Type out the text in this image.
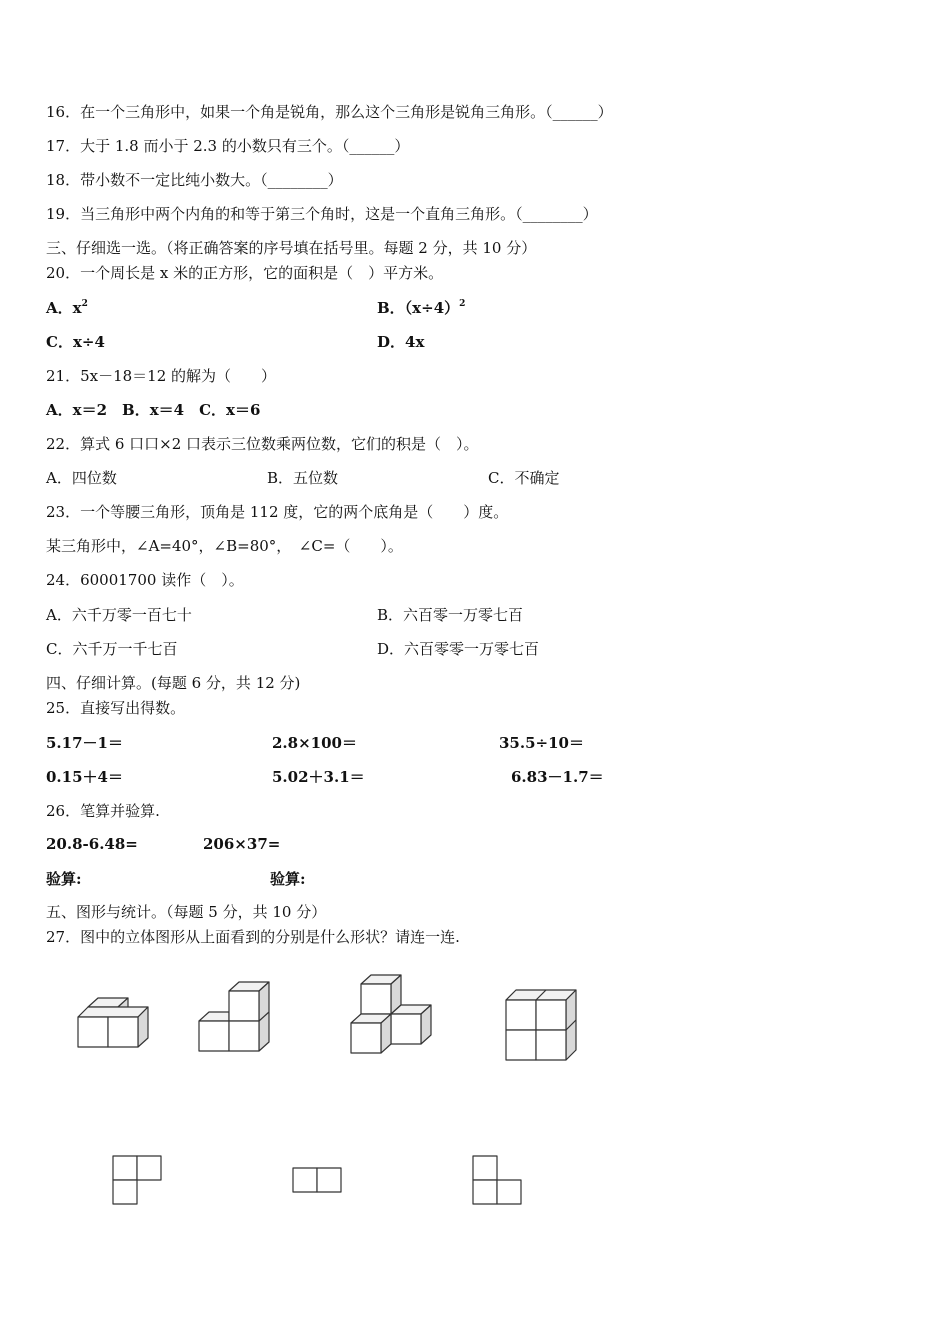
16．在一个三角形中，如果一个角是锐角，那么这个三角形是锐角三角形。（______）
17．大于 1.8 而小于 2.3 的小数只有三个。（______）
18．带小数不一定比纯小数大。（________）
19．当三角形中两个内角的和等于第三个角时，这是一个直角三角形。（________）
三、仔细选一选。（将正确答案的序号填在括号里。每题 2 分，共 10 分）
20．一个周长是 x 米的正方形，它的面积是（　）平方米。
A．$x^2$	B．$(x\div 4)^2$
C．x÷4	D．4x
21．5x－18＝12 的解为（　　）
A．x＝2　B．x＝4　C．x＝6
22．算式 6 口口×2 口表示三位数乘两位数，它们的积是（　）。
A．四位数	B．五位数	C．不确定
23．一个等腰三角形，顶角是 112 度，它的两个底角是（　　）度。
某三角形中，∠A=40°，∠B=80°，　∠C=（　　）。
24．60001700 读作（　）。
A．六千万零一百七十	B．六百零一万零七百
C．六千万一千七百	D．六百零零一万零七百
四、仔细计算。(每题 6 分，共 12 分)
25．直接写出得数。
5.17－1＝	2.8×100＝	35.5÷10＝
0.15＋4＝	5.02＋3.1＝	6.83－1.7＝
26．笔算并验算.
20.8-6.48=	206×37=
验算:	验算:
五、图形与统计。（每题 5 分，共 10 分）
27．图中的立体图形从上面看到的分别是什么形状？请连一连.
